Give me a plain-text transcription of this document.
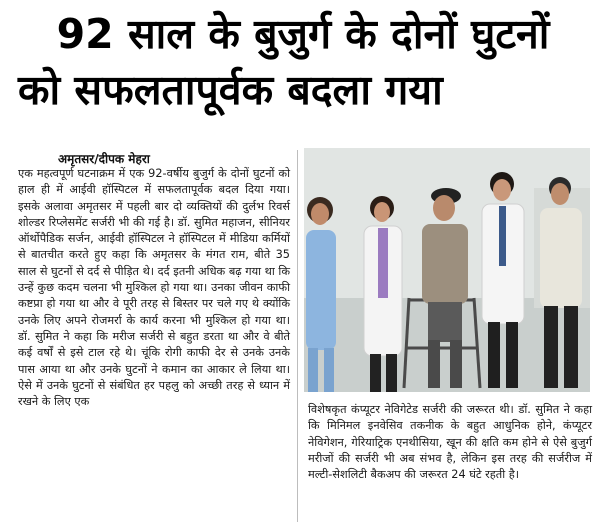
92 साल के बुजुर्ग के दोनों घुटनों
को सफलतापूर्वक बदला गया
अमृतसर/दीपक मेहरा

एक महत्वपूर्ण घटनाक्रम में एक 92-वर्षीय बुजुर्ग के दोनों घुटनों को हाल ही में आईवी हॉस्पिटल में सफलतापूर्वक बदल दिया गया। इसके अलावा अमृतसर में पहली बार दो व्यक्तियों की दुर्लभ रिवर्स शोल्डर रिप्लेसमेंट सर्जरी भी की गई है। डॉ. सुमित महाजन, सीनियर ऑर्थोपैडिक सर्जन, आईवी हॉस्पिटल ने हॉस्पिटल में मीडिया कर्मियों से बातचीत करते हुए कहा कि अमृतसर के मंगत राम, बीते 35 साल से घुटनों से दर्द से पीड़ित थे। दर्द इतनी अधिक बढ़ गया था कि उन्हें कुछ कदम चलना भी मुश्किल हो गया था। उनका जीवन काफी कष्टप्रा हो गया था और वे पूरी तरह से बिस्तर पर चले गए थे क्योंकि उनके लिए अपने रोजमर्रा के कार्य करना भी मुश्किल हो गया था। डॉ. सुमित ने कहा कि मरीज सर्जरी से बहुत डरता था और वे बीते कई वर्षों से इसे टाल रहे थे। चूंकि रोगी काफी देर से उनके उनके पास आया था और उनके घुटनों ने कमान का आकार ले लिया था। ऐसे में उनके घुटनों से संबंधित हर पहलु को अच्छी तरह से ध्यान में रखने के लिए एक

विशेषकृत कंप्यूटर नेविगेटेड सर्जरी की जरूरत थी। डॉ. सुमित ने कहा कि मिनिमल इनवेसिव तकनीक के बहुत आधुनिक होने, कंप्यूटर नेविगेशन, गेरियाट्रिक एनथीसिया, खून की क्षति कम होने से ऐसे बुजुर्ग मरीजों की सर्जरी भी अब संभव है, लेकिन इस तरह की सर्जरीज में मल्टी-सेशलिटी बैकअप की जरूरत 24 घंटे रहती है।
